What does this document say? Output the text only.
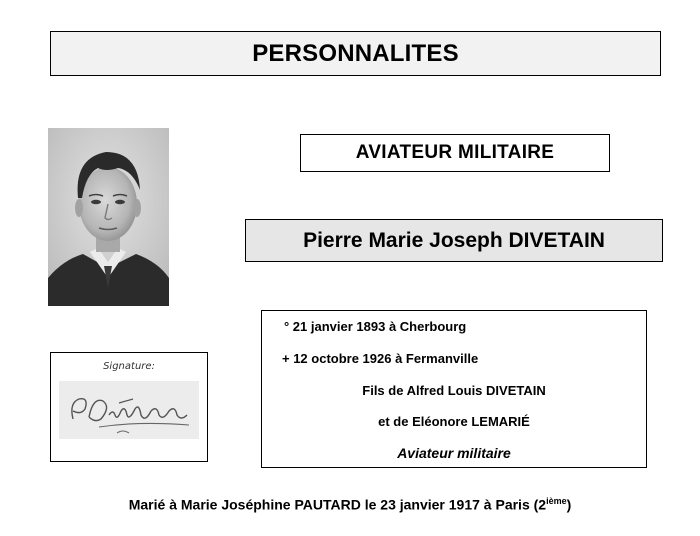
PERSONNALITES
AVIATEUR MILITAIRE
Pierre Marie Joseph DIVETAIN
Signature:
° 21 janvier 1893 à Cherbourg
+ 12 octobre 1926 à Fermanville
Fils de Alfred Louis DIVETAIN
et de Eléonore LEMARIÉ
Aviateur militaire
Marié à Marie Joséphine PAUTARD le 23 janvier 1917 à Paris (2ième)
